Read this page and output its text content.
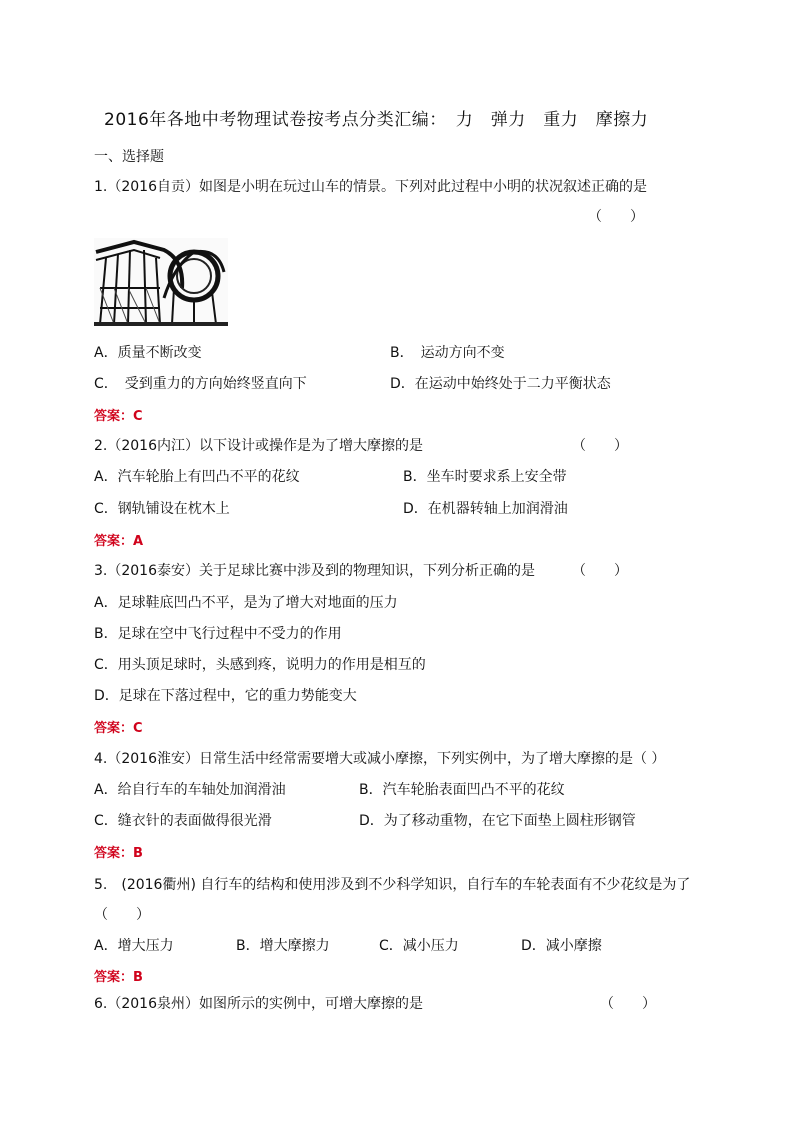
2016年各地中考物理试卷按考点分类汇编：　力　弹力　重力　摩擦力
一、选择题
1.（2016自贡）如图是小明在玩过山车的情景。下列对此过程中小明的状况叙述正确的是
（　　）
A．质量不断改变	B．　运动方向不变
C．　受到重力的方向始终竖直向下	D．在运动中始终处于二力平衡状态
答案：C
2.（2016内江）以下设计或操作是为了增大摩擦的是	（　　）
A．汽车轮胎上有凹凸不平的花纹	B．坐车时要求系上安全带
C．钢轨铺设在枕木上	D．在机器转轴上加润滑油
答案：A
3.（2016泰安）关于足球比赛中涉及到的物理知识，下列分析正确的是	（　　）
A．足球鞋底凹凸不平，是为了增大对地面的压力
B．足球在空中飞行过程中不受力的作用
C．用头顶足球时，头感到疼，说明力的作用是相互的
D．足球在下落过程中，它的重力势能变大
答案：C
4.（2016淮安）日常生活中经常需要增大或减小摩擦，下列实例中，为了增大摩擦的是（ ）
A．给自行车的车轴处加润滑油	B．汽车轮胎表面凹凸不平的花纹
C．缝衣针的表面做得很光滑	D．为了移动重物，在它下面垫上圆柱形钢管
答案：B
5.　(2016衢州) 自行车的结构和使用涉及到不少科学知识，自行车的车轮表面有不少花纹是为了
（　　）
A．增大压力	B．增大摩擦力	C．减小压力	D．减小摩擦
答案：B
6.（2016泉州）如图所示的实例中，可增大摩擦的是	（　　）
